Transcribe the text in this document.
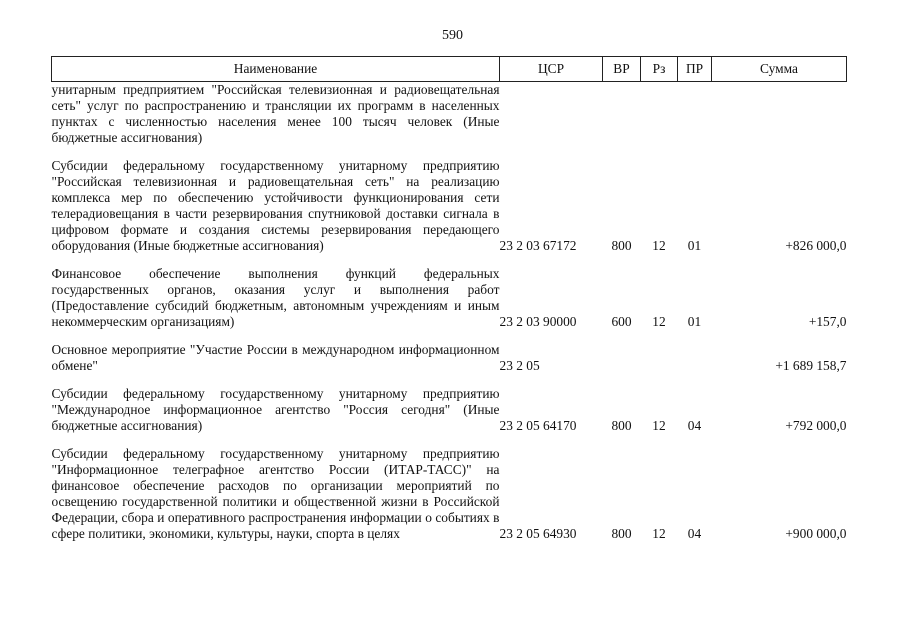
590
Наименование	ЦСР	ВР	Рз	ПР	Сумма
унитарным предприятием "Российская телевизионная и радиовещательная сеть" услуг по распространению и трансляции их программ в населенных пунктах с численностью населения менее 100 тысяч человек (Иные бюджетные ассигнования)					

Субсидии федеральному государственному унитарному предприятию "Российская телевизионная и радиовещательная сеть" на реализацию комплекса мер по обеспечению устойчивости функционирования сети телерадиовещания в части резервирования спутниковой доставки сигнала в цифровом формате и создания системы резервирования передающего оборудования (Иные бюджетные ассигнования)	23 2 03 67172	800	12	01	+826 000,0

Финансовое обеспечение выполнения функций федеральных государственных органов, оказания услуг и выполнения работ (Предоставление субсидий бюджетным, автономным учреждениям и иным некоммерческим организациям)	23 2 03 90000	600	12	01	+157,0

Основное мероприятие "Участие России в международном информационном обмене"	23 2 05				+1 689 158,7

Субсидии федеральному государственному унитарному предприятию "Международное информационное агентство "Россия сегодня" (Иные бюджетные ассигнования)	23 2 05 64170	800	12	04	+792 000,0

Субсидии федеральному государственному унитарному предприятию "Информационное телеграфное агентство России (ИТАР-ТАСС)" на финансовое обеспечение расходов по организации мероприятий по освещению государственной политики и общественной жизни в Российской Федерации, сбора и оперативного распространения информации о событиях в сфере политики, экономики, культуры, науки, спорта в целях	23 2 05 64930	800	12	04	+900 000,0
